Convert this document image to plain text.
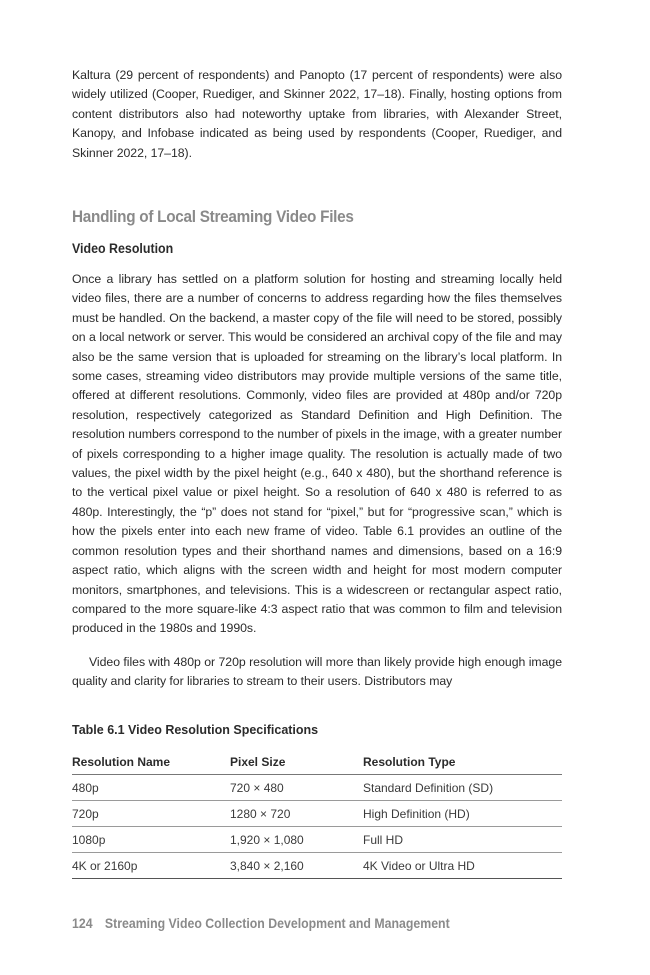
Kaltura (29 percent of respondents) and Panopto (17 percent of respondents) were also widely utilized (Cooper, Ruediger, and Skinner 2022, 17–18). Finally, hosting options from content distributors also had noteworthy uptake from libraries, with Alexander Street, Kanopy, and Infobase indicated as being used by respondents (Cooper, Ruediger, and Skinner 2022, 17–18).

Handling of Local Streaming Video Files
Video Resolution

Once a library has settled on a platform solution for hosting and streaming locally held video files, there are a number of concerns to address regarding how the files themselves must be handled. On the backend, a master copy of the file will need to be stored, possibly on a local network or server. This would be considered an archival copy of the file and may also be the same version that is uploaded for streaming on the library’s local platform. In some cases, streaming video distributors may provide multiple versions of the same title, offered at different resolutions. Commonly, video files are provided at 480p and/or 720p resolution, respectively categorized as Standard Definition and High Definition. The resolution numbers correspond to the number of pixels in the image, with a greater number of pixels corresponding to a higher image quality. The resolution is actually made of two values, the pixel width by the pixel height (e.g., 640 x 480), but the shorthand reference is to the vertical pixel value or pixel height. So a resolution of 640 x 480 is referred to as 480p. Interestingly, the “p” does not stand for “pixel,” but for “progressive scan,” which is how the pixels enter into each new frame of video. Table 6.1 provides an outline of the common resolution types and their shorthand names and dimensions, based on a 16:9 aspect ratio, which aligns with the screen width and height for most modern computer monitors, smartphones, and televisions. This is a widescreen or rectangular aspect ratio, compared to the more square-like 4:3 aspect ratio that was common to film and television produced in the 1980s and 1990s.

Video files with 480p or 720p resolution will more than likely provide high enough image quality and clarity for libraries to stream to their users. Distributors may

Table 6.1 Video Resolution Specifications

Resolution Name	Pixel Size	Resolution Type
480p	720 × 480	Standard Definition (SD)
720p	1280 × 720	High Definition (HD)
1080p	1,920 × 1,080	Full HD
4K or 2160p	3,840 × 2,160	4K Video or Ultra HD

124 Streaming Video Collection Development and Management
